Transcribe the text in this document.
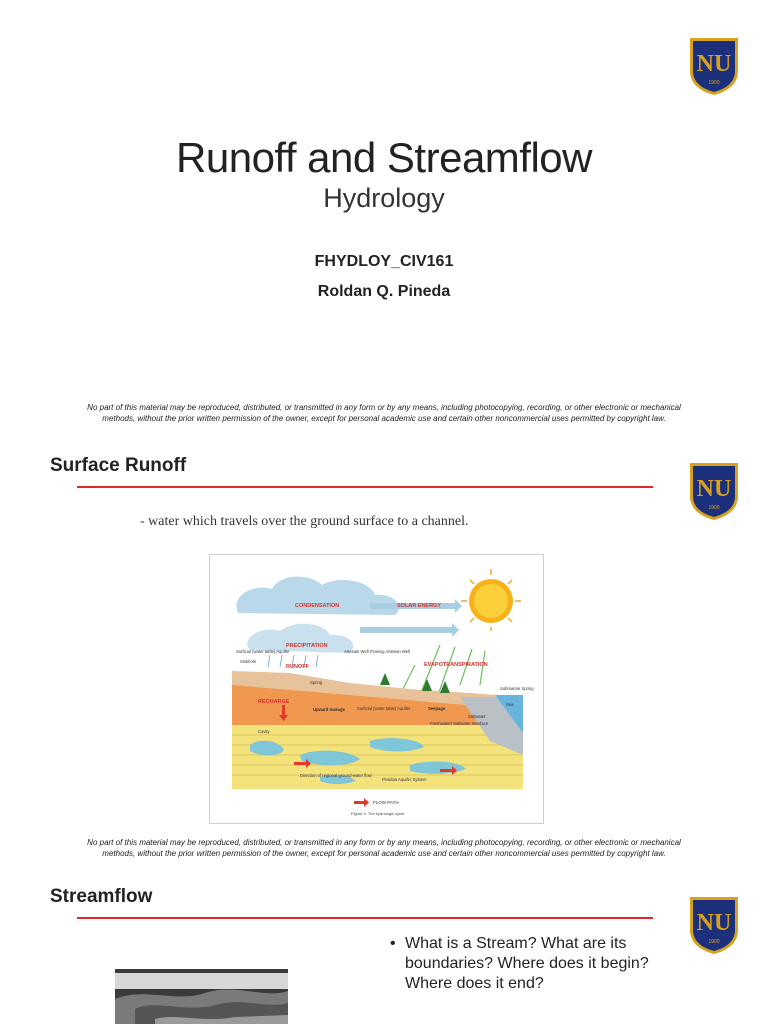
NU
1900
Runoff and Streamflow
Hydrology
FHYDLOY_CIV161
Roldan Q. Pineda
No part of this material may be reproduced, distributed, or transmitted in any form or by any means, including photocopying, recording, or other electronic or mechanical
methods, without the prior written permission of the owner, except for personal academic use and certain other noncommercial uses permitted by copyright law.
Surface Runoff
NU
1900
- water which travels over the ground surface to a channel.
CONDENSATION	SOLAR ENERGY
PRECIPITATION
RUNOFF
RECHARGE
EVAPOTRANSPIRATION
Surficial (water table) Aquifer
Sinkhole
Artesian Well Flowing Artesian Well
Spring
Upward leakage	Seepage
Surficial (water table) Aquifer
Freshwater/ Saltwater Interface
Saltwater
Submarine Spring
Sea
Cavity
Direction of regional ground-water flow
Floridan Aquifer System
FLOW PATH
Figure 4. The hydrologic cycle.
No part of this material may be reproduced, distributed, or transmitted in any form or by any means, including photocopying, recording, or other electronic or mechanical
methods, without the prior written permission of the owner, except for personal academic use and certain other noncommercial uses permitted by copyright law.
Streamflow
NU
1900
• What is a Stream? What are its boundaries? Where does it begin? Where does it end?
